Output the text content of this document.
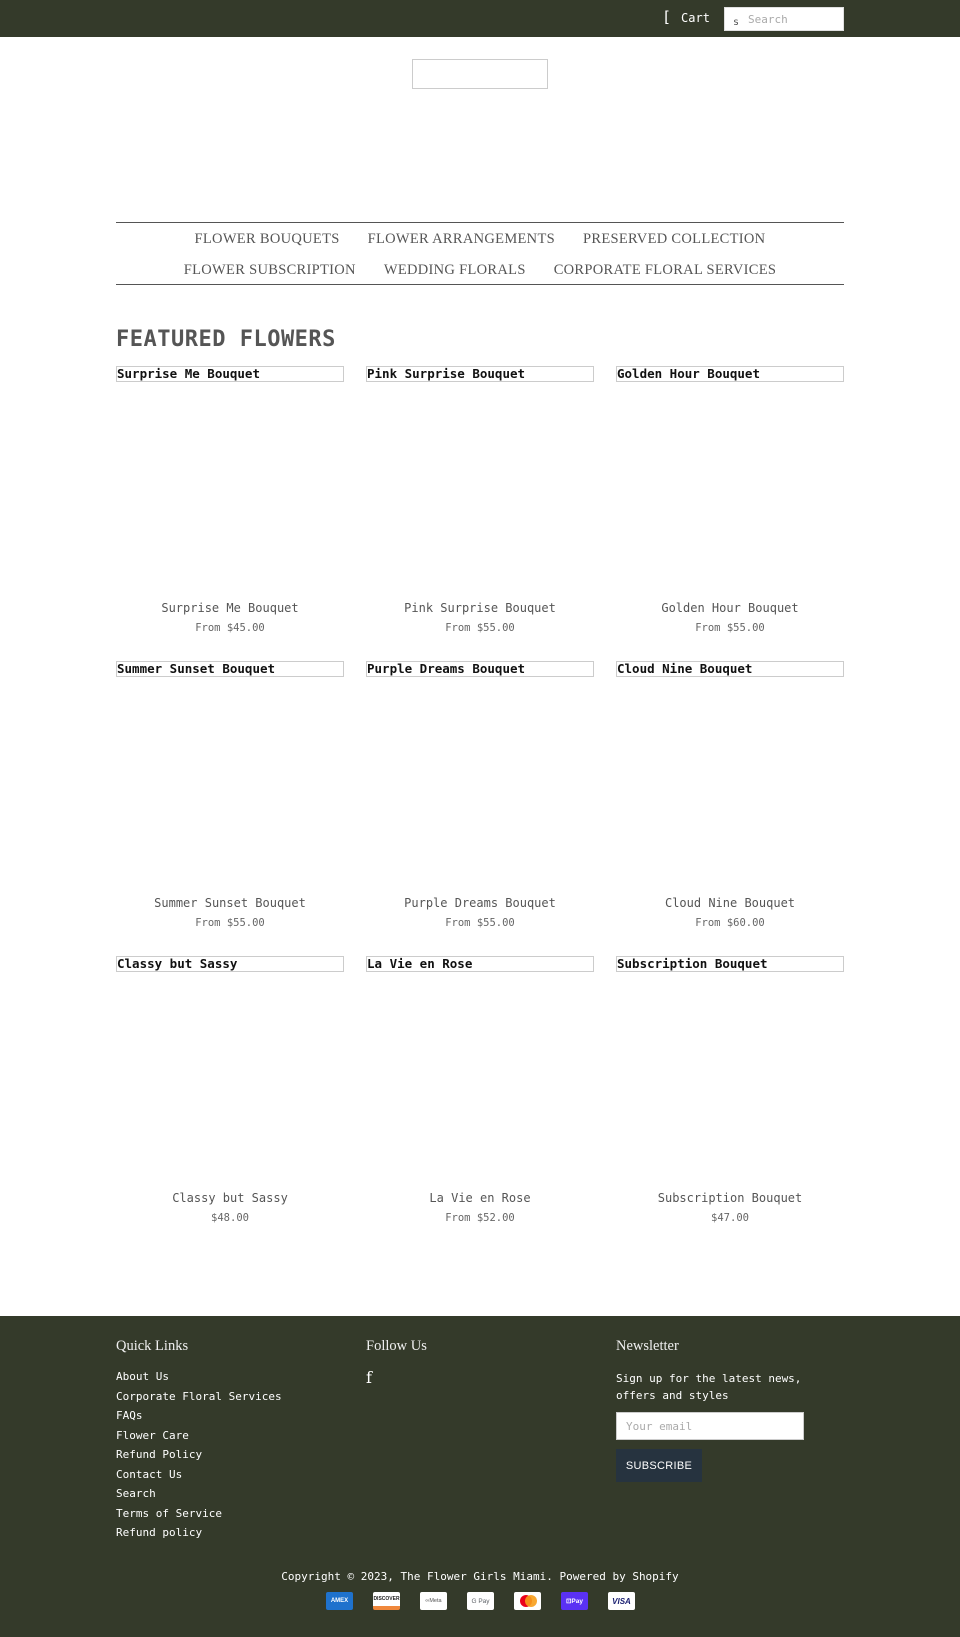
[ Cart s
Search
FLOWER BOUQUETS FLOWER ARRANGEMENTS PRESERVED COLLECTION
FLOWER SUBSCRIPTION WEDDING FLORALS CORPORATE FLORAL SERVICES
FEATURED FLOWERS
Surprise Me Bouquet
Surprise Me Bouquet
From $45.00
Pink Surprise Bouquet
Pink Surprise Bouquet
From $55.00
Golden Hour Bouquet
Golden Hour Bouquet
From $55.00
Summer Sunset Bouquet
Summer Sunset Bouquet
From $55.00
Purple Dreams Bouquet
Purple Dreams Bouquet
From $55.00
Cloud Nine Bouquet
Cloud Nine Bouquet
From $60.00
Classy but Sassy
Classy but Sassy
$48.00
La Vie en Rose
La Vie en Rose
From $52.00
Subscription Bouquet
Subscription Bouquet
$47.00
Quick Links
About Us
Corporate Floral Services
FAQs
Flower Care
Refund Policy
Contact Us
Search
Terms of Service
Refund policy
Follow Us
f
Newsletter
Sign up for the latest news, offers and styles
Your email
SUBSCRIBE
Copyright © 2023, The Flower Girls Miami. Powered by Shopify
AMEX	DISCOVER	∞Meta	G Pay	⊡Pay	VISA
